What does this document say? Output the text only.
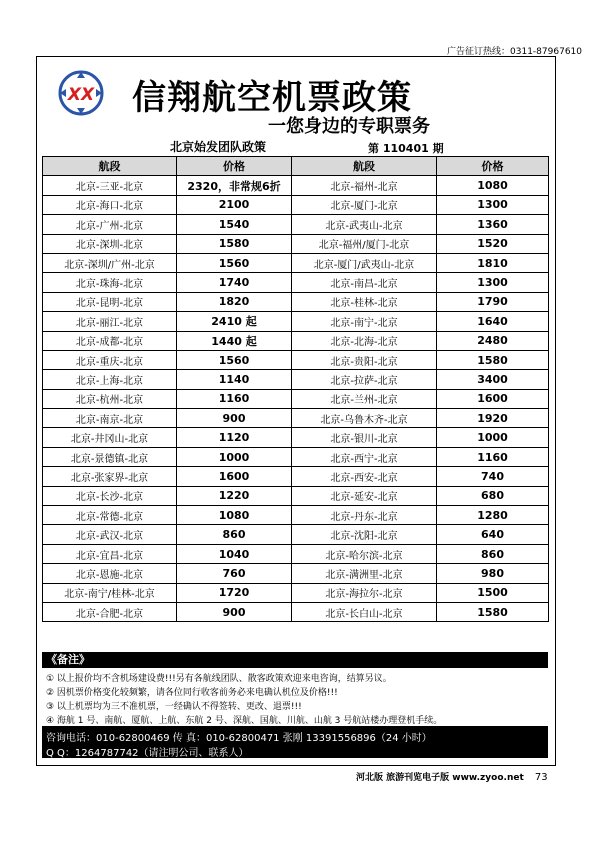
广告征订热线：0311-87967610
XX 信翔航空机票政策
一您身边的专职票务
北京始发团队政策	第 110401 期
航段	价格	航段	价格
北京-三亚-北京	2320，非常规6折	北京-福州-北京	1080
北京-海口-北京	2100	北京-厦门-北京	1300
北京-广州-北京	1540	北京-武夷山-北京	1360
北京-深圳-北京	1580	北京-福州/厦门-北京	1520
北京-深圳/广州-北京	1560	北京-厦门/武夷山-北京	1810
北京-珠海-北京	1740	北京-南昌-北京	1300
北京-昆明-北京	1820	北京-桂林-北京	1790
北京-丽江-北京	2410 起	北京-南宁-北京	1640
北京-成都-北京	1440 起	北京-北海-北京	2480
北京-重庆-北京	1560	北京-贵阳-北京	1580
北京-上海-北京	1140	北京-拉萨-北京	3400
北京-杭州-北京	1160	北京-兰州-北京	1600
北京-南京-北京	900	北京-乌鲁木齐-北京	1920
北京-井冈山-北京	1120	北京-银川-北京	1000
北京-景德镇-北京	1000	北京-西宁-北京	1160
北京-张家界-北京	1600	北京-西安-北京	740
北京-长沙-北京	1220	北京-延安-北京	680
北京-常德-北京	1080	北京-丹东-北京	1280
北京-武汉-北京	860	北京-沈阳-北京	640
北京-宜昌-北京	1040	北京-哈尔滨-北京	860
北京-恩施-北京	760	北京-满洲里-北京	980
北京-南宁/桂林-北京	1720	北京-海拉尔-北京	1500
北京-合肥-北京	900	北京-长白山-北京	1580
《备注》
① 以上报价均不含机场建设费!!!另有各航线团队、散客政策欢迎来电咨询，结算另议。
② 因机票价格变化较频繁，请各位同行收客前务必来电确认机位及价格!!!
③ 以上机票均为三不准机票，一经确认不得签转、更改、退票!!!
④ 海航 1 号、南航、厦航、上航、东航 2 号、深航、国航、川航、山航 3 号航站楼办理登机手续。
咨询电话：010-62800469 传 真：010-62800471 张刚 13391556896（24 小时）
Q Q：1264787742（请注明公司、联系人）
河北版 旅游刊览电子版 www.zyoo.net 73
